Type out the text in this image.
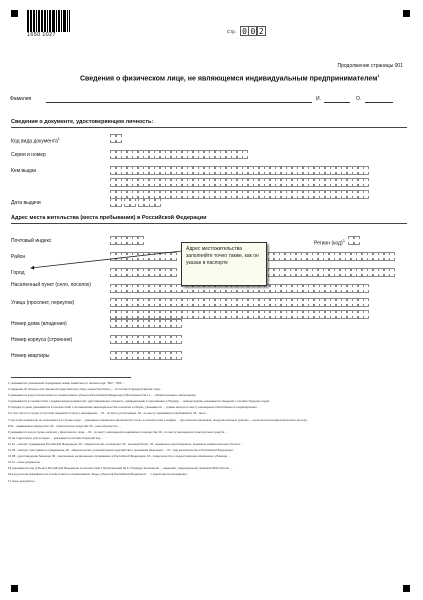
1650 1027
Стр. 0 0 2
Продолжение страницы 001
Сведения о физическом лице, не являющемся индивидуальным предпринимателем$^1$
Фамилия	И.	О.
Сведения о документе, удостоверяющем личность:
Код вида документа$^1$
Серия и номер
Кем выдан
Дата выдачи
Адрес места жительства (места пребывания) в Российской Федерации
Почтовый индекс	Регион (код)$^3$
Район
Город
Населенный пункт (село, поселок)
Улица (проспект, переулок)
Номер дома (владения)
Номер корпуса (строения)
Номер квартиры
Адрес местожительства заполняйте точно также, как он указан в паспорте
1 указывается уникальный порядковый номер заявителя от начала года: "001", "002"...
2 сведения об опекуне или законном представителе лица, недееспособного, ...по соответствующей форме лица...
3 указывается код в соответствии со справочником субъектов Российской Федерации (Приложение № 1 к ... обязательными к заполнению)
4 указывается в соответствии с кодами видов документов, удостоверяющих личность, приведенными в приложении к Порядку ... номеру формы указывается сведения с соответствующих кодов
5 порядок и сроки указываются в соответствии с положениями законодательства о налогах и сборах; указывается ... суммы налога по месту нахождения обособленного подразделения ...
6 в том числе в случае отсутствия сведений по месту нахождения ... 01 - по месту регистрации; 02 - по месту проживания (пребывания); 03 - иное ...
7 при этом показатели не заполняются в случае когда ... указанные показатели заполняются строго в соответствии с кодами ... при наличии признаков, предусмотренных пунктом ... налогоплательщика (налогового агента) ...
8 01 - недвижимое имущество; 02 - транспортные средства; 03 - иное имущество ...
9 указывается код в случае наличия у физического лица ... 01 - по месту нахождения недвижимого имущества; 02 - по месту нахождения транспортных средств ...
10 на территории, для которых ... указывается соответствующий код ...
11 01 - паспорт гражданина Российской Федерации; 02 - свидетельство о рождении; 03 - военный билет; 04 - временное удостоверение, выданное взамен военного билета ...
12 05 - паспорт иностранного гражданина; 06 - свидетельство о рассмотрении ходатайства о признании беженцем ...; 07 - вид на жительство в Российской Федерации ...
13 08 - удостоверение беженца; 09 - разрешение на временное проживание в Российской Федерации; 10 - свидетельство о предоставлении временного убежища ...
14 11 - иные документы ...
15 указывается код субъекта Российской Федерации в соответствии с Приложением № 3 к Порядку заполнения ... сведений, утвержденному приказом ФНС России ...
16 код региона указывается в соответствии со справочником "Коды субъектов Российской Федерации" ... с кодом места нахождения ...
17 иные документы ...
